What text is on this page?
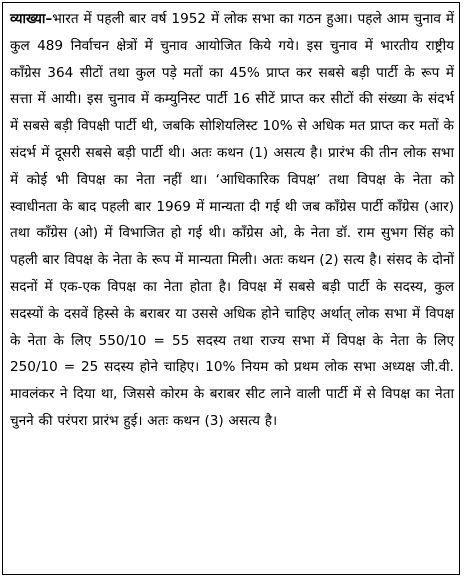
व्याख्या–भारत में पहली बार वर्ष 1952 में लोक सभा का गठन हुआ। पहले आम चुनाव में कुल 489 निर्वाचन क्षेत्रों में चुनाव आयोजित किये गये। इस चुनाव में भारतीय राष्ट्रीय कॉंग्रेस 364 सीटों तथा कुल पड़े मतों का 45% प्राप्त कर सबसे बड़ी पार्टी के रूप में सत्ता में आयी। इस चुनाव में कम्युनिस्ट पार्टी 16 सीटें प्राप्त कर सीटों की संख्या के संदर्भ में सबसे बड़ी विपक्षी पार्टी थी, जबकि सोशियलिस्ट 10% से अधिक मत प्राप्त कर मतों के संदर्भ में दूसरी सबसे बड़ी पार्टी थी। अतः कथन (1) असत्य है। प्रारंभ की तीन लोक सभा में कोई भी विपक्ष का नेता नहीं था। ‘आधिकारिक विपक्ष’ तथा विपक्ष के नेता को स्वाधीनता के बाद पहली बार 1969 में मान्यता दी गई थी जब कॉंग्रेस पार्टी कॉंग्रेस (आर) तथा कॉंग्रेस (ओ) में विभाजित हो गई थी। कॉंग्रेस ओ, के नेता डॉ. राम सुभग सिंह को पहली बार विपक्ष के नेता के रूप में मान्यता मिली। अतः कथन (2) सत्य है। संसद के दोनों सदनों में एक-एक विपक्ष का नेता होता है। विपक्ष में सबसे बड़ी पार्टी के सदस्य, कुल सदस्यों के दसवें हिस्से के बराबर या उससे अधिक होने चाहिए अर्थात् लोक सभा में विपक्ष के नेता के लिए 550/10 = 55 सदस्य तथा राज्य सभा में विपक्ष के नेता के लिए 250/10 = 25 सदस्य होने चाहिए। 10% नियम को प्रथम लोक सभा अध्यक्ष जी.वी. मावलंकर ने दिया था, जिससे कोरम के बराबर सीट लाने वाली पार्टी में से विपक्ष का नेता चुनने की परंपरा प्रारंभ हुई। अतः कथन (3) असत्य है।
